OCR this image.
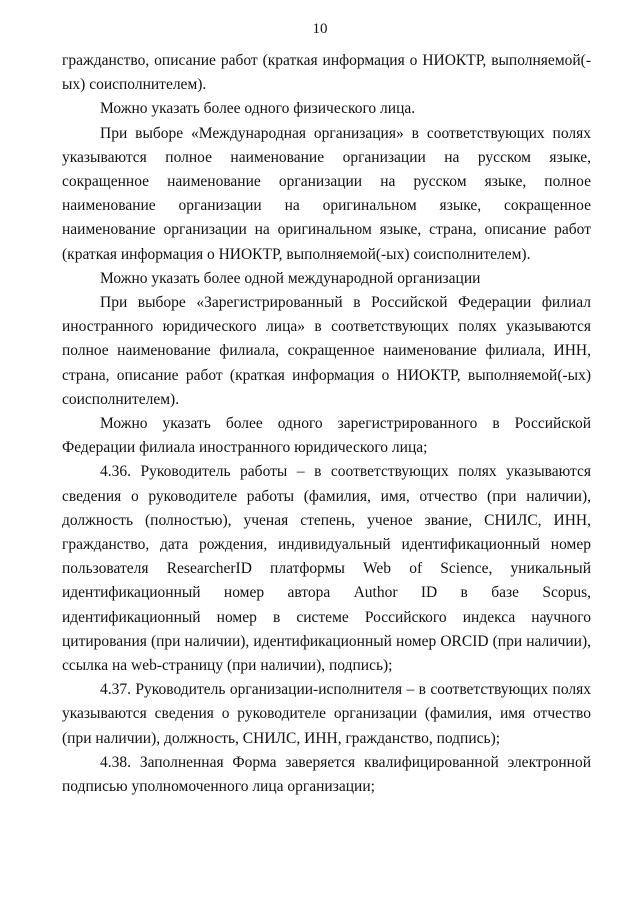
10

гражданство, описание работ (краткая информация о НИОКТР, выполняемой(-ых) соисполнителем).

Можно указать более одного физического лица.

При выборе «Международная организация» в соответствующих полях указываются полное наименование организации на русском языке, сокращенное наименование организации на русском языке, полное наименование организации на оригинальном языке, сокращенное наименование организации на оригинальном языке, страна, описание работ (краткая информация о НИОКТР, выполняемой(-ых) соисполнителем).

Можно указать более одной международной организации

При выборе «Зарегистрированный в Российской Федерации филиал иностранного юридического лица» в соответствующих полях указываются полное наименование филиала, сокращенное наименование филиала, ИНН, страна, описание работ (краткая информация о НИОКТР, выполняемой(-ых) соисполнителем).

Можно указать более одного зарегистрированного в Российской Федерации филиала иностранного юридического лица;

4.36. Руководитель работы – в соответствующих полях указываются сведения о руководителе работы (фамилия, имя, отчество (при наличии), должность (полностью), ученая степень, ученое звание, СНИЛС, ИНН, гражданство, дата рождения, индивидуальный идентификационный номер пользователя ResearcherID платформы Web of Science, уникальный идентификационный номер автора Author ID в базе Scopus, идентификационный номер в системе Российского индекса научного цитирования (при наличии), идентификационный номер ORCID (при наличии), ссылка на web-страницу (при наличии), подпись);

4.37. Руководитель организации-исполнителя – в соответствующих полях указываются сведения о руководителе организации (фамилия, имя отчество (при наличии), должность, СНИЛС, ИНН, гражданство, подпись);

4.38. Заполненная Форма заверяется квалифицированной электронной подписью уполномоченного лица организации;
